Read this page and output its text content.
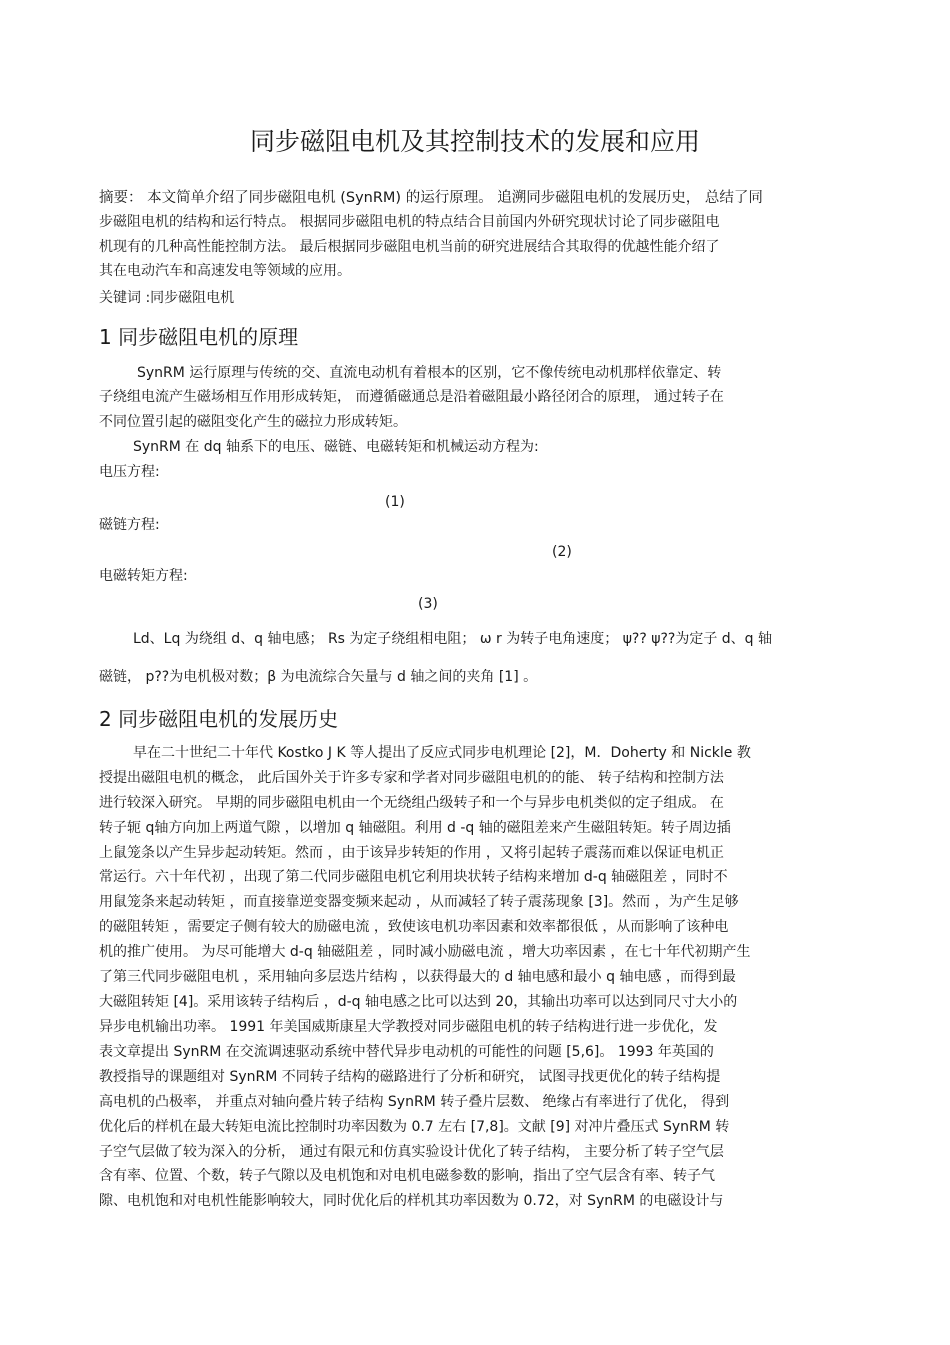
同步磁阻电机及其控制技术的发展和应用
摘要： 本文简单介绍了同步磁阻电机 (SynRM) 的运行原理。 追溯同步磁阻电机的发展历史， 总结了同
步磁阻电机的结构和运行特点。 根据同步磁阻电机的特点结合目前国内外研究现状讨论了同步磁阻电
机现有的几种高性能控制方法。 最后根据同步磁阻电机当前的研究进展结合其取得的优越性能介绍了
其在电动汽车和高速发电等领域的应用。
关键词 :同步磁阻电机
1 同步磁阻电机的原理
SynRM 运行原理与传统的交、直流电动机有着根本的区别，它不像传统电动机那样依靠定、转
子绕组电流产生磁场相互作用形成转矩， 而遵循磁通总是沿着磁阻最小路径闭合的原理， 通过转子在
不同位置引起的磁阻变化产生的磁拉力形成转矩。
SynRM 在 dq 轴系下的电压、磁链、电磁转矩和机械运动方程为:
电压方程:
(1)
磁链方程:
(2)
电磁转矩方程:
(3)
Ld、Lq 为绕组 d、q 轴电感； Rs 为定子绕组相电阻； ω r 为转子电角速度； ψ?? ψ??为定子 d、q 轴
磁链， p??为电机极对数；β 为电流综合矢量与 d 轴之间的夹角 [1] 。
2 同步磁阻电机的发展历史
早在二十世纪二十年代 Kostko J K 等人提出了反应式同步电机理论 [2]，M．Doherty 和 Nickle 教
授提出磁阻电机的概念， 此后国外关于许多专家和学者对同步磁阻电机的的能、 转子结构和控制方法
进行较深入研究。 早期的同步磁阻电机由一个无绕组凸级转子和一个与异步电机类似的定子组成。 在
转子轭 q轴方向加上两道气隙 ，以增加 q 轴磁阻。利用 d -q 轴的磁阻差来产生磁阻转矩。转子周边插
上鼠笼条以产生异步起动转矩。然而 ，由于该异步转矩的作用 ，又将引起转子震荡而难以保证电机正
常运行。六十年代初 ，出现了第二代同步磁阻电机它利用块状转子结构来增加 d-q 轴磁阻差 ，同时不
用鼠笼条来起动转矩 ，而直接靠逆变器变频来起动 ，从而减轻了转子震荡现象 [3]。然而 ，为产生足够
的磁阻转矩 ，需要定子侧有较大的励磁电流 ，致使该电机功率因素和效率都很低 ，从而影响了该种电
机的推广使用。 为尽可能增大 d-q 轴磁阻差 ，同时减小励磁电流 ，增大功率因素 ，在七十年代初期产生
了第三代同步磁阻电机 ，采用轴向多层迭片结构 ，以获得最大的 d 轴电感和最小 q 轴电感 ，而得到最
大磁阻转矩 [4]。采用该转子结构后 ，d-q 轴电感之比可以达到 20，其输出功率可以达到同尺寸大小的
异步电机输出功率。 1991 年美国威斯康星大学教授对同步磁阻电机的转子结构进行进一步优化，发
表文章提出 SynRM 在交流调速驱动系统中替代异步电动机的可能性的问题 [5,6]。 1993 年英国的
教授指导的课题组对 SynRM 不同转子结构的磁路进行了分析和研究， 试图寻找更优化的转子结构提
高电机的凸极率， 并重点对轴向叠片转子结构 SynRM 转子叠片层数、 绝缘占有率进行了优化， 得到
优化后的样机在最大转矩电流比控制时功率因数为 0.7 左右 [7,8]。文献 [9] 对冲片叠压式 SynRM 转
子空气层做了较为深入的分析， 通过有限元和仿真实验设计优化了转子结构， 主要分析了转子空气层
含有率、位置、个数，转子气隙以及电机饱和对电机电磁参数的影响，指出了空气层含有率、转子气
隙、电机饱和对电机性能影响较大，同时优化后的样机其功率因数为 0.72，对 SynRM 的电磁设计与
